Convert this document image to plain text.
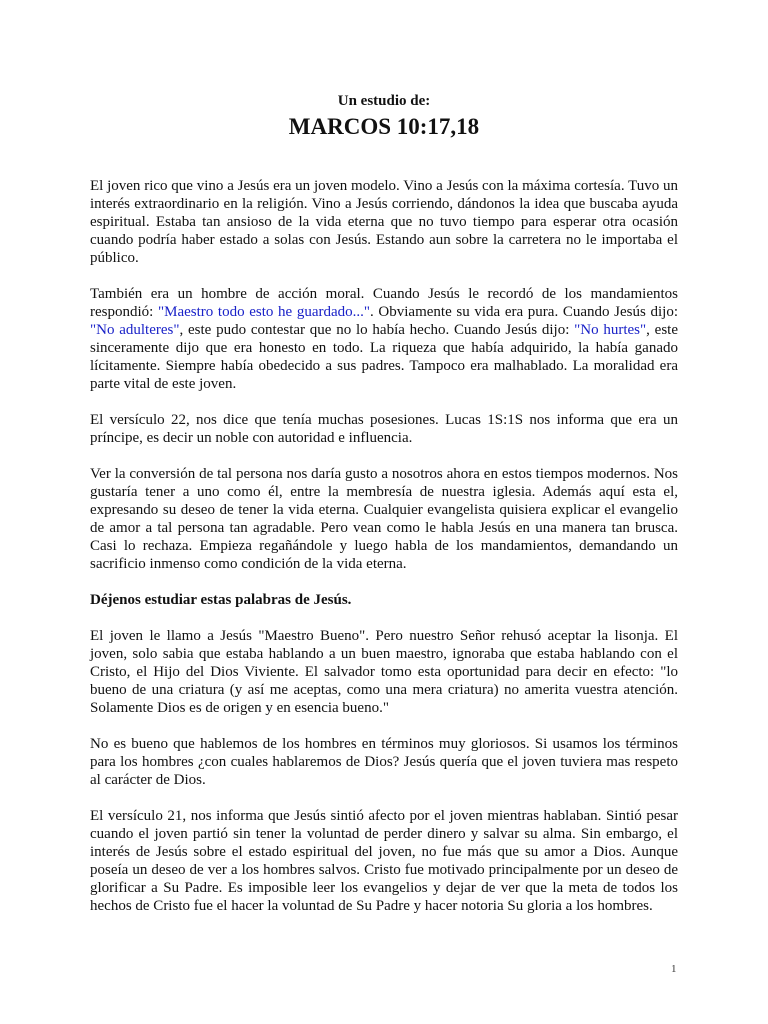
Un estudio de:
MARCOS 10:17,18

El joven rico que vino a Jesús era un joven modelo. Vino a Jesús con la máxima cortesía. Tuvo un interés extraordinario en la religión. Vino a Jesús corriendo, dándonos la idea que buscaba ayuda espiritual. Estaba tan ansioso de la vida eterna que no tuvo tiempo para esperar otra ocasión cuando podría haber estado a solas con Jesús. Estando aun sobre la carretera no le importaba el público.

También era un hombre de acción moral. Cuando Jesús le recordó de los mandamientos respondió: "Maestro todo esto he guardado...". Obviamente su vida era pura. Cuando Jesús dijo: "No adulteres", este pudo contestar que no lo había hecho. Cuando Jesús dijo: "No hurtes", este sinceramente dijo que era honesto en todo. La riqueza que había adquirido, la había ganado lícitamente. Siempre había obedecido a sus padres. Tampoco era malhablado. La moralidad era parte vital de este joven.

El versículo 22, nos dice que tenía muchas posesiones. Lucas 1S:1S nos informa que era un príncipe, es decir un noble con autoridad e influencia.

Ver la conversión de tal persona nos daría gusto a nosotros ahora en estos tiempos modernos. Nos gustaría tener a uno como él, entre la membresía de nuestra iglesia. Además aquí esta el, expresando su deseo de tener la vida eterna. Cualquier evangelista quisiera explicar el evangelio de amor a tal persona tan agradable. Pero vean como le habla Jesús en una manera tan brusca. Casi lo rechaza. Empieza regañándole y luego habla de los mandamientos, demandando un sacrificio inmenso como condición de la vida eterna.

Déjenos estudiar estas palabras de Jesús.

El joven le llamo a Jesús "Maestro Bueno". Pero nuestro Señor rehusó aceptar la lisonja. El joven, solo sabia que estaba hablando a un buen maestro, ignoraba que estaba hablando con el Cristo, el Hijo del Dios Viviente. El salvador tomo esta oportunidad para decir en efecto: "lo bueno de una criatura (y así me aceptas, como una mera criatura) no amerita vuestra atención. Solamente Dios es de origen y en esencia bueno."

No es bueno que hablemos de los hombres en términos muy gloriosos. Si usamos los términos para los hombres ¿con cuales hablaremos de Dios? Jesús quería que el joven tuviera mas respeto al carácter de Dios.

El versículo 21, nos informa que Jesús sintió afecto por el joven mientras hablaban. Sintió pesar cuando el joven partió sin tener la voluntad de perder dinero y salvar su alma. Sin embargo, el interés de Jesús sobre el estado espiritual del joven, no fue más que su amor a Dios. Aunque poseía un deseo de ver a los hombres salvos. Cristo fue motivado principalmente por un deseo de glorificar a Su Padre. Es imposible leer los evangelios y dejar de ver que la meta de todos los hechos de Cristo fue el hacer la voluntad de Su Padre y hacer notoria Su gloria a los hombres.

1
